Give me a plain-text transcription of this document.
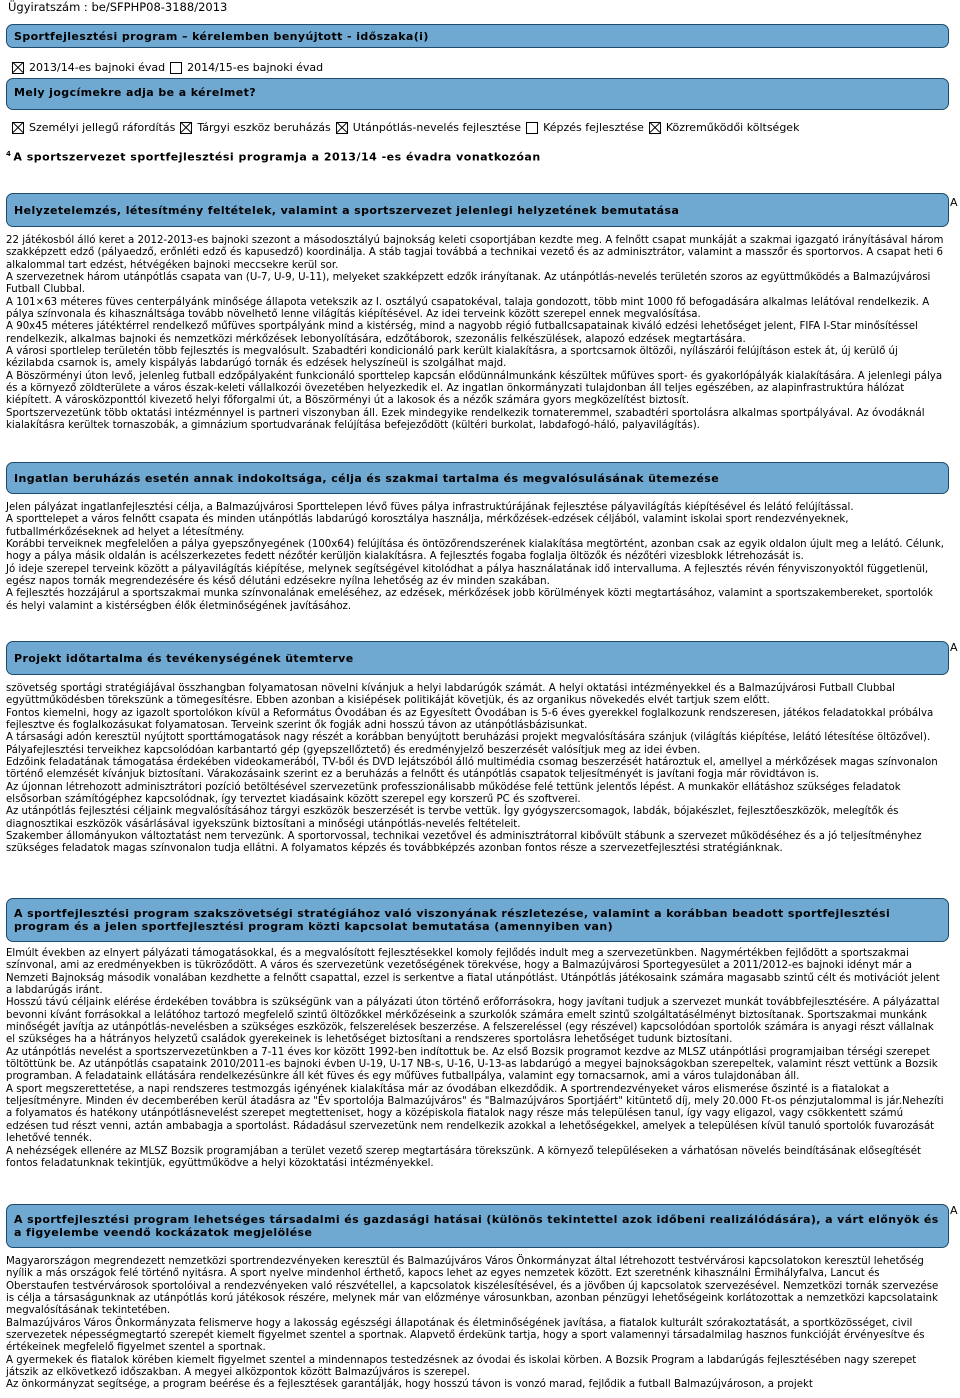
Ügyiratszám : be/SFPHP08-3188/2013
Sportfejlesztési program – kérelemben benyújtott - időszaka(i)
2013/14-es bajnoki évad 2014/15-es bajnoki évad
Mely jogcímekre adja be a kérelmet?
Személyi jellegű ráfordítás Tárgyi eszköz beruházás Utánpótlás-nevelés fejlesztése Képzés fejlesztése Közreműködői költségek
$^4$ A sportszervezet sportfejlesztési programja a 2013/14 -es évadra vonatkozóan
Helyzetelemzés, létesítmény feltételek, valamint a sportszervezet jelenlegi helyzetének bemutatása
A

22 játékosból álló keret a 2012-2013-es bajnoki szezont a másodosztályú bajnokság keleti csoportjában kezdte meg. A felnőtt csapat munkáját a szakmai igazgató irányításával három szakképzett edző (pályaedző, erőnléti edző és kapusedző) koordinálja. A stáb tagjai továbbá a technikai vezető és az adminisztrátor, valamint a masszőr és sportorvos. A csapat heti 6 alkalommal tart edzést, hétvégéken bajnoki meccsekre kerül sor.

A szervezetnek három utánpótlás csapata van (U-7, U-9, U-11), melyeket szakképzett edzők irányítanak. Az utánpótlás-nevelés területén szoros az együttműködés a Balmazújvárosi Futball Clubbal.

A 101×63 méteres füves centerpályánk minősége állapota vetekszik az I. osztályú csapatokéval, talaja gondozott, több mint 1000 fő befogadására alkalmas lelátóval rendelkezik. A pálya színvonala és kihasználtsága tovább növelhető lenne világítás kiépítésével. Az idei terveink között szerepel ennek megvalósítása.

A 90x45 méteres játéktérrel rendelkező műfüves sportpályánk mind a kistérség, mind a nagyobb régió futballcsapatainak kiváló edzési lehetőséget jelent, FIFA I-Star minősítéssel rendelkezik, alkalmas bajnoki és nemzetközi mérkőzések lebonyolítására, edzőtáborok, szezonális felkészülések, alapozó edzések megtartására.

A városi sportlelep területén több fejlesztés is megvalósult. Szabadtéri kondicionáló park került kialakításra, a sportcsarnok öltözői, nyílászárói felújításon estek át, új kerülő új kézilabda csarnok is, amely kispályás labdarúgó tornák és edzések helyszíneül is szolgálhat majd.

A Böszörményi úton levő, jelenleg futball edzőpályaként funkcionáló sporttelep kapcsán elődünnálmunkánk készültek műfüves sport- és gyakorlópályák kialakítására. A jelenlegi pálya és a környező zöldterülete a város észak-keleti vállalkozói övezetében helyezkedik el. Az ingatlan önkormányzati tulajdonban áll teljes egészében, az alapinfrastruktúra hálózat kiépített. A városközponttól kivezető helyi főforgalmi út, a Böszörményi út a lakosok és a nézők számára gyors megközelítést biztosít.

Sportszervezetünk több oktatási intézménnyel is partneri viszonyban áll. Ezek mindegyike rendelkezik tornateremmel, szabadtéri sportolásra alkalmas sportpályával. Az óvodáknál kialakításra kerültek tornaszobák, a gimnázium sportudvarának felújítása befejeződött (kültéri burkolat, labdafogó-háló, palyavilágítás).

Ingatlan beruházás esetén annak indokoltsága, célja és szakmai tartalma és megvalósulásának ütemezése

Jelen pályázat ingatlanfejlesztési célja, a Balmazújvárosi Sporttelepen lévő füves pálya infrastruktúrájának fejlesztése pályavilágítás kiépítésével és lelátó felújítással.

A sporttelepet a város felnőtt csapata és minden utánpótlás labdarúgó korosztálya használja, mérkőzések-edzések céljából, valamint iskolai sport rendezvényeknek, futballmérkőzéseknek ad helyet a létesítmény.

Korábbi terveiknek megfelelően a pálya gyepszőnyegének (100x64) felújítása és öntözőrendszerének kialakítása megtörtént, azonban csak az egyik oldalon újult meg a lelátó. Célunk, hogy a pálya másik oldalán is acélszerkezetes fedett nézőtér kerüljön kialakításra. A fejlesztés fogaba foglalja öltözők és nézőtéri vizesblokk létrehozását is.

Jó ideje szerepel terveink között a pályavilágítás kiépítése, melynek segítségével kitolódhat a pálya használatának idő intervalluma. A fejlesztés révén fényviszonyoktól függetlenül, egész napos tornák megrendezésére és késő délutáni edzésekre nyílna lehetőség az év minden szakában.

A fejlesztés hozzájárul a sportszakmai munka színvonalának emeléséhez, az edzések, mérkőzések jobb körülmények közti megtartásához, valamint a sportszakembereket, sportolók és helyi valamint a kistérségben élők életminőségének javításához.

Projekt időtartalma és tevékenységének ütemterve
A

szövetség sportági stratégiájával összhangban folyamatosan növelni kívánjuk a helyi labdarúgók számát. A helyi oktatási intézményekkel és a Balmazújvárosi Futball Clubbal együttműködésben törekszünk a tömegesítésre. Ebben azonban a kisiépések politikáját követjük, és az organikus növekedés elvét tartjuk szem előtt.

Fontos kiemelni, hogy az igazolt sportolókon kívül a Református Óvodában és az Egyesített Óvodában is 5-6 éves gyerekkel foglalkozunk rendszeresen, játékos feladatokkal próbálva fejlesztve és foglalkozásukat folyamatosan. Terveink szerint ők fogják adni hosszú távon az utánpótlásbázisunkat.

A társasági adón keresztül nyújtott sporttámogatások nagy részét a korábban benyújtott beruházási projekt megvalósítására szánjuk (világítás kiépítése, lelátó létesítése öltözővel). Pályafejlesztési terveikhez kapcsolódóan karbantartó gép (gyepszellőztető) és eredményjelző beszerzését valósítjuk meg az idei évben.

Edzőink feladatának támogatása érdekében videokamerából, TV-ből és DVD lejátszóból álló multimédia csomag beszerzését határoztuk el, amellyel a mérkőzések magas színvonalon történő elemzését kívánjuk biztosítani. Várakozásaink szerint ez a beruházás a felnőtt és utánpótlás csapatok teljesítményét is javítani fogja már rövidtávon is.

Az újonnan létrehozott adminisztrátori pozíció betöltésével szervezetünk professzionálisabb működése felé tettünk jelentős lépést. A munkakör ellátáshoz szükséges feladatok elsősorban számítógéphez kapcsolódnak, így terveztet kiadásaink között szerepel egy korszerű PC és szoftverei.

Az utánpótlás fejlesztési céljaink megvalósításához tárgyi eszközök beszerzését is tervbe vettük. Így gyógyszercsomagok, labdák, bójakészlet, fejlesztőeszközök, melegítők és diagnosztikai eszközök vásárlásával igyekszünk biztosítani a minőségi utánpótlás-nevelés feltételeit.

Szakember állományukon változtatást nem tervezünk. A sportorvossal, technikai vezetővel és adminisztrátorral kibővült stábunk a szervezet működéséhez és a jó teljesítményhez szükséges feladatok magas színvonalon tudja ellátni. A folyamatos képzés és továbbképzés azonban fontos része a szervezetfejlesztési stratégiánknak.

A sportfejlesztési program szakszövetségi stratégiához való viszonyának részletezése, valamint a korábban beadott sportfejlesztési program és a jelen sportfejlesztési program közti kapcsolat bemutatása (amennyiben van)

Elmúlt években az elnyert pályázati támogatásokkal, és a megvalósított fejlesztésekkel komoly fejlődés indult meg a szervezetünkben. Nagymértékben fejlődött a sportszakmai színvonal, ami az eredményekben is tükröződött. A város és szervezetünk vezetőségének törekvése, hogy a Balmazújvárosi Sportegyesület a 2011/2012-es bajnoki idényt már a Nemzeti Bajnokság második vonalában kezdhette a felnőtt csapattal, ezzel is serkentve a fiatal utánpótlást. Utánpótlás játékosaink számára magasabb szintű célt és motivációt jelent a labdarúgás iránt.

Hosszú távú céljaink elérése érdekében továbbra is szükségünk van a pályázati úton történő erőforrásokra, hogy javítani tudjuk a szervezet munkát továbbfejlesztésére. A pályázattal bevonni kívánt forrásokkal a lelátóhoz tartozó megfelelő szintű öltözőkkel mérkőzéseink a szurkolók számára emelt szintű szolgáltatásélményt biztosítanak. Sportszakmai munkánk minőségét javítja az utánpótlás-nevelésben a szükséges eszközök, felszerelések beszerzése. A felszereléssel (egy részével) kapcsolódóan sportolók számára is anyagi részt vállalnak el szükséges ha a hátrányos helyzetű családok gyerekeinek is lehetőséget biztosítani a rendszeres sportolásra lehetőséget tudunk biztosítani.

Az utánpótlás nevelést a sportszervezetünkben a 7-11 éves kor között 1992-ben indítottuk be. Az első Bozsik programot kezdve az MLSZ utánpótlási programjaiban térségi szerepet töltöttünk be. Az utánpótlás csapataink 2010/2011-es bajnoki évben U-19, U-17 NB-s, U-16, U-13-as labdarúgó a megyei bajnokságokban szerepeltek, valamint részt vettünk a Bozsik programban. A feladataink ellátására rendelkezésünkre áll két füves és egy műfüves futballpálya, valamint egy tornacsarnok, ami a város tulajdonában áll.

A sport megszerettetése, a napi rendszeres testmozgás igényének kialakítása már az óvodában elkezdődik. A sportrendezvényeket város elismerése őszinté is a fiatalokat a teljesítményre. Minden év decemberében kerül átadásra az "Év sportolója Balmazújváros" és "Balmazújváros Sportjáért" kitüntető díj, mely 20.000 Ft-os pénzjutalommal is jár.Nehezíti a folyamatos és hatékony utánpótlásnevelést szerepet megtetteniset, hogy a középiskola fiatalok nagy része más településen tanul, így vagy eligazol, vagy csökkentett számú edzésen tud részt venni, aztán ambabagja a sportolást. Rádadásul szervezetünk nem rendelkezik azokkal a lehetőségekkel, amelyek a településen kívül tanuló sportolók fuvarozását lehetővé tennék.

A nehézségek ellenére az MLSZ Bozsik programjában a terület vezető szerep megtartására törekszünk. A környező településeken a várhatósan növelés beindításának elősegítését fontos feladatunknak tekintjük, együttműködve a helyi közoktatási intézményekkel.

A sportfejlesztési program lehetséges társadalmi és gazdasági hatásai (különös tekintettel azok időbeni realizálódására), a várt előnyök és a figyelembe veendő kockázatok megjelölése
A

Magyarországon megrendezett nemzetközi sportrendezvényeken keresztül és Balmazújváros Város Önkormányzat által létrehozott testvérvárosi kapcsolatokon keresztül lehetőség nyílik a más országok felé történő nyitásra. A sport nyelve mindenhol érthető, kapocs lehet az egyes nemzetek között. Ezt szeretnénk kihasználni Érmihályfalva, Lancut és Oberstaufen testvérvárosok sportolóival a rendezvényeken való részvétellel, a kapcsolatok kiszélesítésével, és a jövőben új kapcsolatok szervezésével. Nemzetközi tornák szervezése is célja a társaságunknak az utánpótlás korú játékosok részére, melynek már van előzménye városunkban, azonban pénzügyi lehetőségeink korlátozottak a nemzetközi kapcsolataink megvalósításának tekintetében.

Balmazújváros Város Önkormányzata felismerve hogy a lakosság egészségi állapotának és életminőségének javítása, a fiatalok kulturált szórakoztatását, a sportközösséget, civil szervezetek népességmegtartó szerepét kiemelt figyelmet szentel a sportnak. Alapvető érdekünk tartja, hogy a sport valamennyi társadalmilag hasznos funkcióját érvényesítve és értékeinek megfelelő figyelmet szentel a sportnak.

A gyermekek és fiatalok körében kiemelt figyelmet szentel a mindennapos testedzésnek az óvodai és iskolai körben. A Bozsik Program a labdarúgás fejlesztésében nagy szerepet játszik az elkövetkező időszakban. A megyei alközpontok között Balmazújváros is szerepel.

Az önkormányzat segítsége, a program beérése és a fejlesztések garantálják, hogy hosszú távon is vonzó marad, fejlődik a futball Balmazújvároson, a projekt
